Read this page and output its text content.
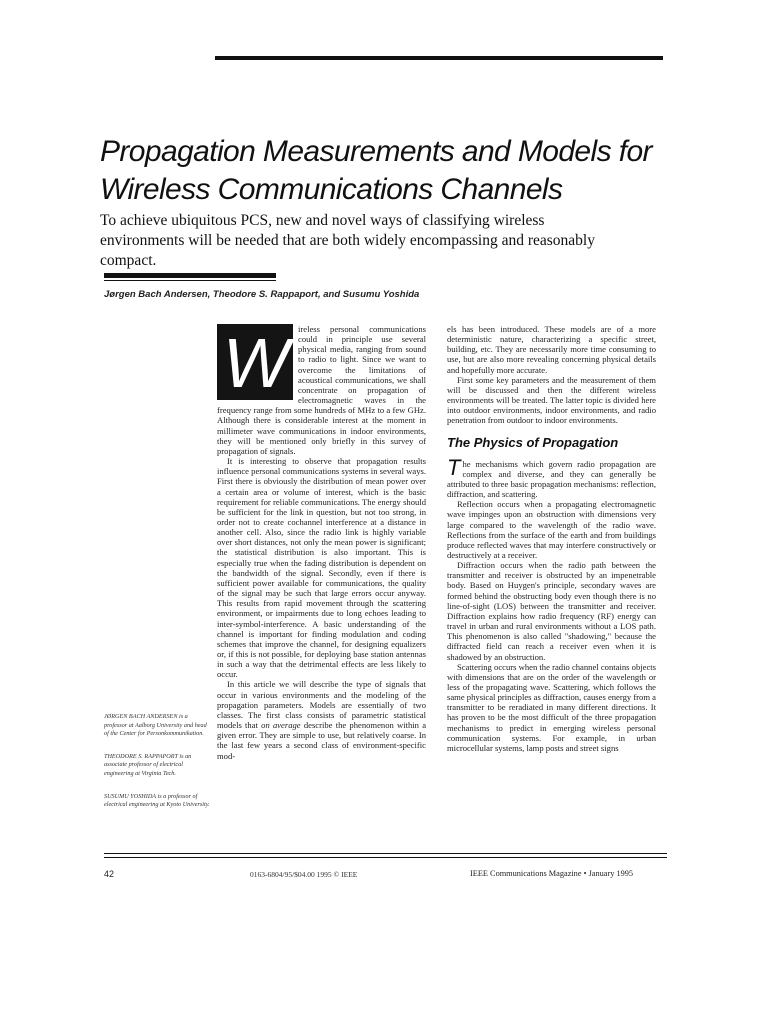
Propagation Measurements and Models for Wireless Communications Channels

To achieve ubiquitous PCS, new and novel ways of classifying wireless environments will be needed that are both widely encompassing and reasonably compact.

Jørgen Bach Andersen, Theodore S. Rappaport, and Susumu Yoshida

JØRGEN BACH ANDERSEN is a professor at Aalborg University and head of the Center for Personkommunikation.

THEODORE S. RAPPAPORT is an associate professor of electrical engineering at Virginia Tech.

SUSUMU YOSHIDA is a professor of electrical engineering at Kyoto University.

W	ireless personal communications could in principle use several physical media, ranging from sound to radio to light. Since we want to overcome the limitations of acoustical communications, we shall concentrate on propagation of electromagnetic waves in the frequency range from some hundreds of MHz to a few GHz. Although there is considerable interest at the moment in millimeter wave communications in indoor environments, they will be mentioned only briefly in this survey of propagation of signals.

It is interesting to observe that propagation results influence personal communications systems in several ways. First there is obviously the distribution of mean power over a certain area or volume of interest, which is the basic requirement for reliable communications. The energy should be sufficient for the link in question, but not too strong, in order not to create cochannel interference at a distance in another cell. Also, since the radio link is highly variable over short distances, not only the mean power is significant; the statistical distribution is also important. This is especially true when the fading distribution is dependent on the bandwidth of the signal. Secondly, even if there is sufficient power available for communications, the quality of the signal may be such that large errors occur anyway. This results from rapid movement through the scattering environment, or impairments due to long echoes leading to inter-symbol-interference. A basic understanding of the channel is important for finding modulation and coding schemes that improve the channel, for designing equalizers or, if this is not possible, for deploying base station antennas in such a way that the detrimental effects are less likely to occur.

In this article we will describe the type of signals that occur in various environments and the modeling of the propagation parameters. Models are essentially of two classes. The first class consists of parametric statistical models that on average describe the phenomenon within a given error. They are simple to use, but relatively coarse. In the last few years a second class of environment-specific mod-

els has been introduced. These models are of a more deterministic nature, characterizing a specific street, building, etc. They are necessarily more time consuming to use, but are also more revealing concerning physical details and hopefully more accurate.

First some key parameters and the measurement of them will be discussed and then the different wireless environments will be treated. The latter topic is divided here into outdoor environments, indoor environments, and radio penetration from outdoor to indoor environments.

The Physics of Propagation

The mechanisms which govern radio propagation are complex and diverse, and they can generally be attributed to three basic propagation mechanisms: reflection, diffraction, and scattering.

Reflection occurs when a propagating electromagnetic wave impinges upon an obstruction with dimensions very large compared to the wavelength of the radio wave. Reflections from the surface of the earth and from buildings produce reflected waves that may interfere constructively or destructively at a receiver.

Diffraction occurs when the radio path between the transmitter and receiver is obstructed by an impenetrable body. Based on Huygen's principle, secondary waves are formed behind the obstructing body even though there is no line-of-sight (LOS) between the transmitter and receiver. Diffraction explains how radio frequency (RF) energy can travel in urban and rural environments without a LOS path. This phenomenon is also called "shadowing," because the diffracted field can reach a receiver even when it is shadowed by an obstruction.

Scattering occurs when the radio channel contains objects with dimensions that are on the order of the wavelength or less of the propagating wave. Scattering, which follows the same physical principles as diffraction, causes energy from a transmitter to be reradiated in many different directions. It has proven to be the most difficult of the three propagation mechanisms to predict in emerging wireless personal communication systems. For example, in urban microcellular systems, lamp posts and street signs

42	0163-6804/95/$04.00 1995 © IEEE	IEEE Communications Magazine • January 1995
